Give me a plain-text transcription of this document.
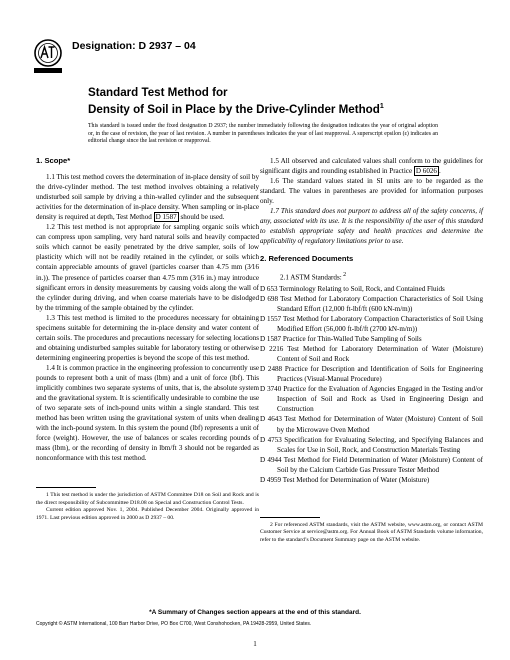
Designation: D 2937 – 04
Standard Test Method for
Density of Soil in Place by the Drive-Cylinder Method$^1$
This standard is issued under the fixed designation D 2937; the number immediately following the designation indicates the year of original adoption or, in the case of revision, the year of last revision. A number in parentheses indicates the year of last reapproval. A superscript epsilon (ε) indicates an editorial change since the last revision or reapproval.
1. Scope*

1.1 This test method covers the determination of in-place density of soil by the drive-cylinder method. The test method involves obtaining a relatively undisturbed soil sample by driving a thin-walled cylinder and the subsequent activities for the determination of in-place density. When sampling or in-place density is required at depth, Test Method D 1587 should be used.

1.2 This test method is not appropriate for sampling organic soils which can compress upon sampling, very hard natural soils and heavily compacted soils which cannot be easily penetrated by the drive sampler, soils of low plasticity which will not be readily retained in the cylinder, or soils which contain appreciable amounts of gravel (particles coarser than 4.75 mm (3⁄16 in.)). The presence of particles coarser than 4.75 mm (3⁄16 in.) may introduce significant errors in density measurements by causing voids along the wall of the cylinder during driving, and when coarse materials have to be dislodged by the trimming of the sample obtained by the cylinder.

1.3 This test method is limited to the procedures necessary for obtaining specimens suitable for determining the in-place density and water content of certain soils. The procedures and precautions necessary for selecting locations and obtaining undisturbed samples suitable for laboratory testing or otherwise determining engineering properties is beyond the scope of this test method.

1.4 It is common practice in the engineering profession to concurrently use pounds to represent both a unit of mass (lbm) and a unit of force (lbf). This implicitly combines two separate systems of units, that is, the absolute system and the gravitational system. It is scientifically undesirable to combine the use of two separate sets of inch-pound units within a single standard. This test method has been written using the gravitational system of units when dealing with the inch-pound system. In this system the pound (lbf) represents a unit of force (weight). However, the use of balances or scales recording pounds of mass (lbm), or the recording of density in lbm/ft 3 should not be regarded as nonconformance with this test method.

1 This test method is under the jurisdiction of ASTM Committee D18 on Soil and Rock and is the direct responsibility of Subcommittee D18.08 on Special and Construction Control Tests.

Current edition approved Nov. 1, 2004. Published December 2004. Originally approved in 1971. Last previous edition approved in 2000 as D 2937 – 00.

1.5 All observed and calculated values shall conform to the guidelines for significant digits and rounding established in Practice D 6026 .

1.6 The standard values stated in SI units are to be regarded as the standard. The values in parentheses are provided for information purposes only.

1.7 This standard does not purport to address all of the safety concerns, if any, associated with its use. It is the responsibility of the user of this standard to establish appropriate safety and health practices and determine the applicability of regulatory limitations prior to use.

2. Referenced Documents

2.1 ASTM Standards: $^2$

D 653 Terminology Relating to Soil, Rock, and Contained Fluids

D 698 Test Method for Laboratory Compaction Characteristics of Soil Using Standard Effort (12,000 ft-lbf/ft (600 kN-m/m))

D 1557 Test Method for Laboratory Compaction Characteristics of Soil Using Modified Effort (56,000 ft-lbf/ft (2700 kN-m/m))

D 1587 Practice for Thin-Walled Tube Sampling of Soils

D 2216 Test Method for Laboratory Determination of Water (Moisture) Content of Soil and Rock

D 2488 Practice for Description and Identification of Soils for Engineering Practices (Visual-Manual Procedure)

D 3740 Practice for the Evaluation of Agencies Engaged in the Testing and/or Inspection of Soil and Rock as Used in Engineering Design and Construction

D 4643 Test Method for Determination of Water (Moisture) Content of Soil by the Microwave Oven Method

D 4753 Specification for Evaluating Selecting, and Specifying Balances and Scales for Use in Soil, Rock, and Construction Materials Testing

D 4944 Test Method for Field Determination of Water (Moisture) Content of Soil by the Calcium Carbide Gas Pressure Tester Method

D 4959 Test Method for Determination of Water (Moisture)

2 For referenced ASTM standards, visit the ASTM website, www.astm.org, or contact ASTM Customer Service at service@astm.org. For Annual Book of ASTM Standards volume information, refer to the standard’s Document Summary page on the ASTM website.

*A Summary of Changes section appears at the end of this standard.
Copyright © ASTM International, 100 Barr Harbor Drive, PO Box C700, West Conshohocken, PA 19428-2959, United States.
1
